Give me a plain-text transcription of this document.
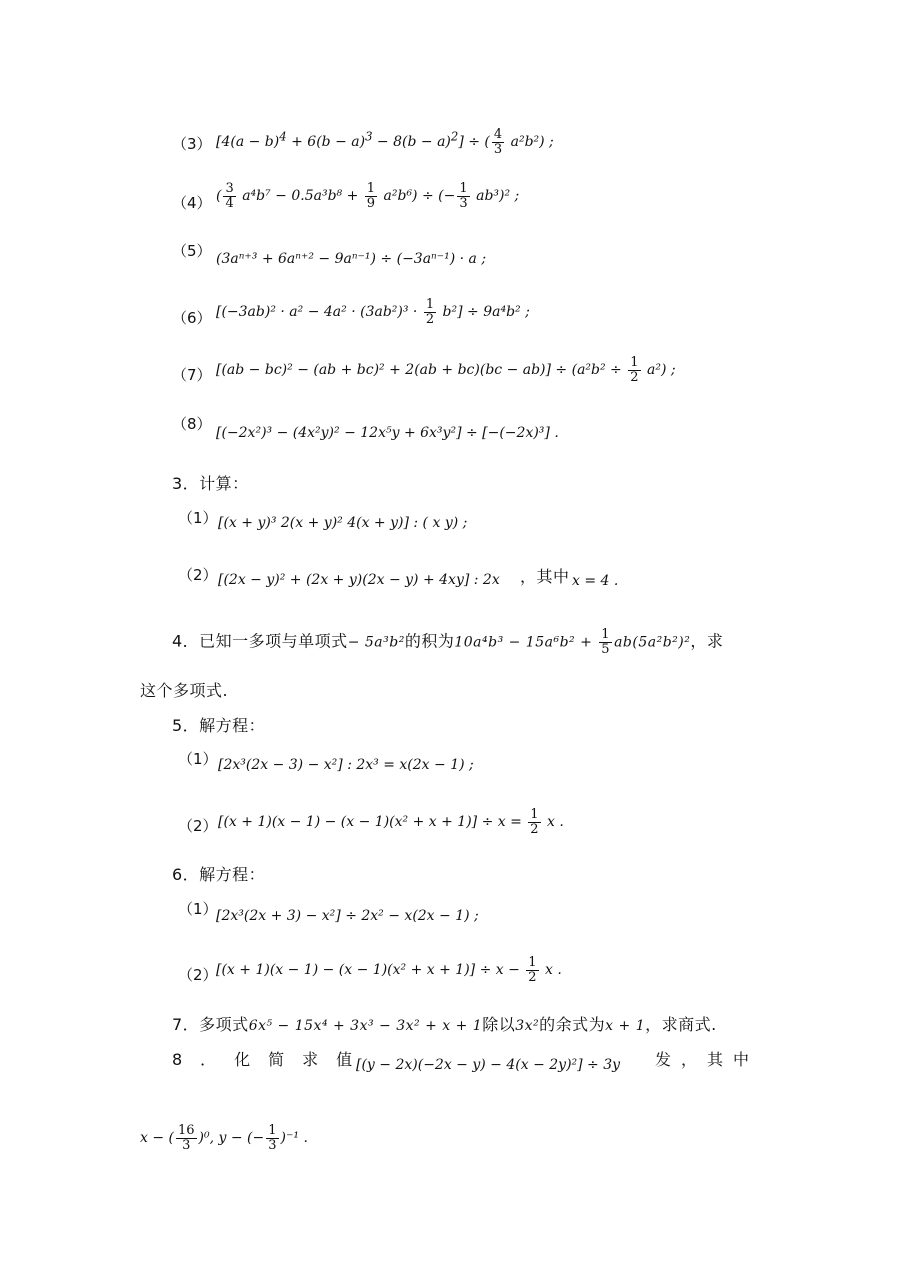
（3） $[4(a - b)^4 + 6(b - a)^3 - 8(b - a)^2]$ ÷ ( $\frac{4}{3} a^2b^2$) ;
（4） ( $\frac{3}{4} a^4b^7 - 0.5a^3b^8 + \frac{1}{9} a^2b^6$) ÷ (− $\frac{1}{3} ab^3)^2$ ;
（5） (3aⁿ⁺³ + 6aⁿ⁺² − 9aⁿ⁻¹) ÷ (−3aⁿ⁻¹) · a ;
（6） $[(-3ab)^2 \cdot a^2 - 4a^2 \cdot (3ab^2)^3 \cdot \frac{1}{2} b^2] \div 9a^4b^2$ ;
（7） $[(ab - bc)^2 - (ab + bc)^2 + 2(ab + bc)(bc - ab)] \div (a^2b^2 \div \frac{1}{2} a^2)$ ;
（8） [(−2x²)³ − (4x²y)² − 12x⁵y + 6x³y²] ÷ [−(−2x)³] .
3．计算：
（1） [(x + y)³ 2(x + y)² 4(x + y)] : ( x y) ;
（2） [(2x − y)² + (2x + y)(2x − y) + 4xy] : 2x ，其中 x = 4 .
4．已知一多项与单项式− 5a³b²的积为$10a^4b^3 - 15a^6b^2 + \frac{1}{5} ab(5a^2b^2)^2$，求
这个多项式.
5．解方程：
（1） [2x³(2x − 3) − x²] : 2x³ = x(2x − 1) ;
（2） $[(x + 1)(x - 1) - (x - 1)(x^2 + x + 1)] \div x = \frac{1}{2}$ x .
6．解方程：
（1）
[2x³(2x + 3) − x²] ÷ 2x² − x(2x − 1) ;
（2）
$[(x + 1)(x - 1) - (x - 1)(x^2 + x + 1)] \div x - \frac{1}{2}$ x .
7．多项式6x⁵ − 15x⁴ + 3x³ − 3x² + x + 1除以3x²的余式为x + 1，求商式.
8．化简求值
[(y − 2x)(−2x − y) − 4(x − 2y)²] ÷ 3y 发，其中
x − ( $\frac{16}{3} )^0$, y − (− $\frac{1}{3} )^{-1}$ .
